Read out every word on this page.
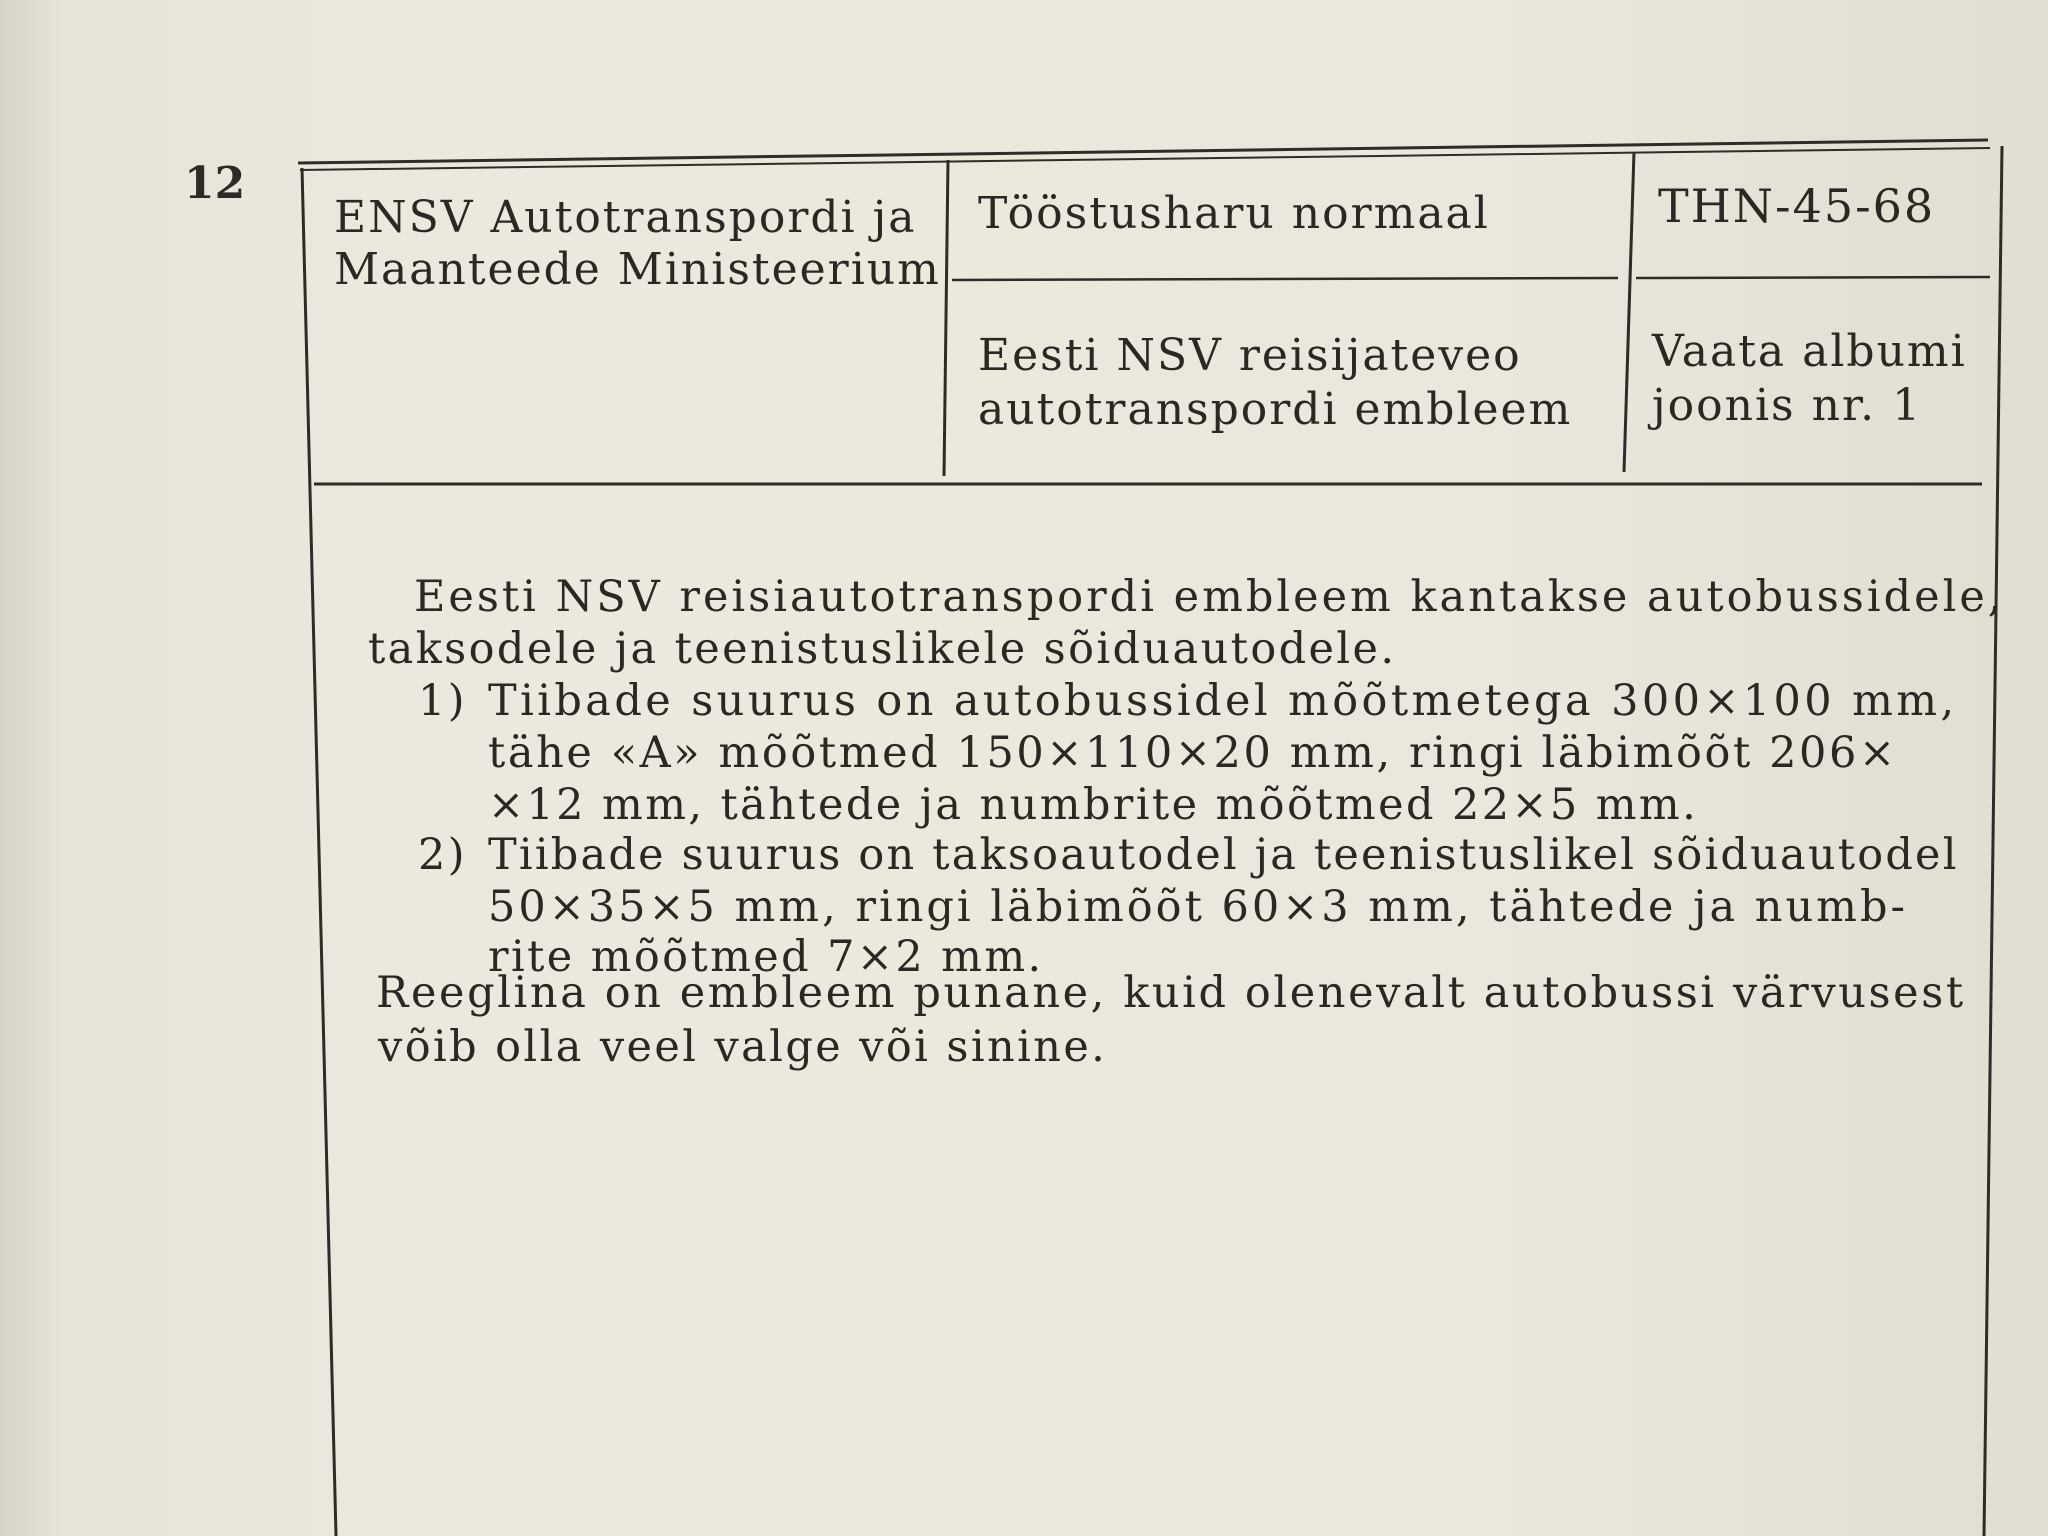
12
ENSV Autotranspordi ja
Maanteede Ministeerium
Tööstusharu normaal	THN-45-68
Eesti NSV reisijateveo
autotranspordi embleem
Vaata albumi
joonis nr. 1
Eesti NSV reisiautotranspordi embleem kantakse autobussidele,
taksodele ja teenistuslikele sõiduautodele.
1) Tiibade suurus on autobussidel mõõtmetega 300⨯100 mm,
tähe «A» mõõtmed 150⨯110⨯20 mm, ringi läbimõõt 206⨯
⨯12 mm, tähtede ja numbrite mõõtmed 22⨯5 mm.
2) Tiibade suurus on taksoautodel ja teenistuslikel sõiduautodel
50⨯35⨯5 mm, ringi läbimõõt 60⨯3 mm, tähtede ja numb-
rite mõõtmed 7⨯2 mm.
Reeglina on embleem punane, kuid olenevalt autobussi värvusest
võib olla veel valge või sinine.
